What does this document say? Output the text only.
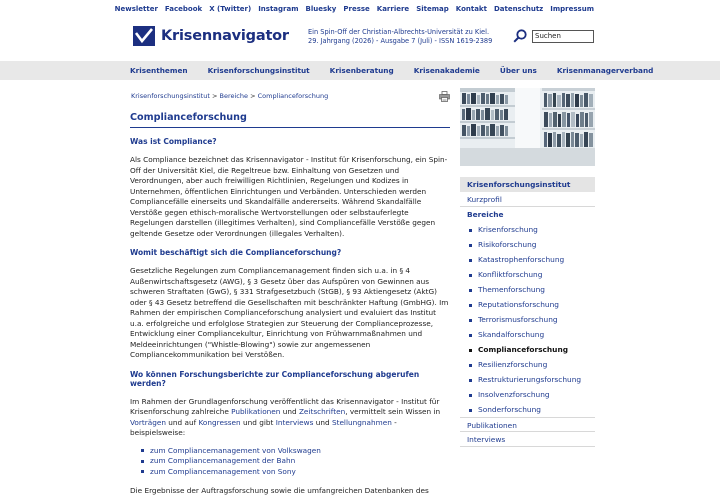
Newsletter Facebook X (Twitter) Instagram Bluesky Presse Karriere Sitemap Kontakt Datenschutz Impressum
Krisennavigator	Ein Spin-Off der Christian-Albrechts-Universität zu Kiel.
29. Jahrgang (2026) - Ausgabe 7 (Juli) - ISSN 1619-2389
Suchen
Krisenthemen	Krisenforschungsinstitut	Krisenberatung	Krisenakademie	Über uns	Krisenmanagerverband
Krisenforschungsinstitut > Bereiche > Complianceforschung
Complianceforschung
Was ist Compliance?

Als Compliance bezeichnet das Krisennavigator - Institut für Krisenforschung, ein Spin-Off der Universität Kiel, die Regeltreue bzw. Einhaltung von Gesetzen und Verordnungen, aber auch freiwilligen Richtlinien, Regelungen und Kodizes in Unternehmen, öffentlichen Einrichtungen und Verbänden. Unterschieden werden Compliancefälle einerseits und Skandalfälle andererseits. Während Skandalfälle Verstöße gegen ethisch-moralische Wertvorstellungen oder selbstauferlegte Regelungen darstellen (illegitimes Verhalten), sind Compliancefälle Verstöße gegen geltende Gesetze oder Verordnungen (illegales Verhalten).

Womit beschäftigt sich die Complianceforschung?

Gesetzliche Regelungen zum Compliancemanagement finden sich u.a. in § 4 Außenwirtschaftsgesetz (AWG), § 3 Gesetz über das Aufspüren von Gewinnen aus schweren Straftaten (GwG), § 331 Strafgesetzbuch (StGB), § 93 Aktiengesetz (AktG) oder § 43 Gesetz betreffend die Gesellschaften mit beschränkter Haftung (GmbHG). Im Rahmen der empirischen Complianceforschung analysiert und evaluiert das Institut u.a. erfolgreiche und erfolglose Strategien zur Steuerung der Complianceprozesse, Entwicklung einer Compliancekultur, Einrichtung von Frühwarnmaßnahmen und Meldeeinrichtungen ("Whistle-Blowing") sowie zur angemessenen Compliancekommunikation bei Verstößen.

Wo können Forschungsberichte zur Complianceforschung abgerufen werden?

Im Rahmen der Grundlagenforschung veröffentlicht das Krisennavigator - Institut für Krisenforschung zahlreiche Publikationen und Zeitschriften, vermittelt sein Wissen in Vorträgen und auf Kongressen und gibt Interviews und Stellungnahmen - beispielsweise:

zum Compliancemanagement von Volkswagen
zum Compliancemanagement der Bahn
zum Compliancemanagement von Sony

Die Ergebnisse der Auftragsforschung sowie die umfangreichen Datenbanken des

Krisenforschungsinstitut
Kurzprofil
Bereiche
Krisenforschung
Risikoforschung
Katastrophenforschung
Konfliktforschung
Themenforschung
Reputationsforschung
Terrorismusforschung
Skandalforschung
Complianceforschung
Resilienzforschung
Restrukturierungsforschung
Insolvenzforschung
Sonderforschung
Publikationen
Interviews
